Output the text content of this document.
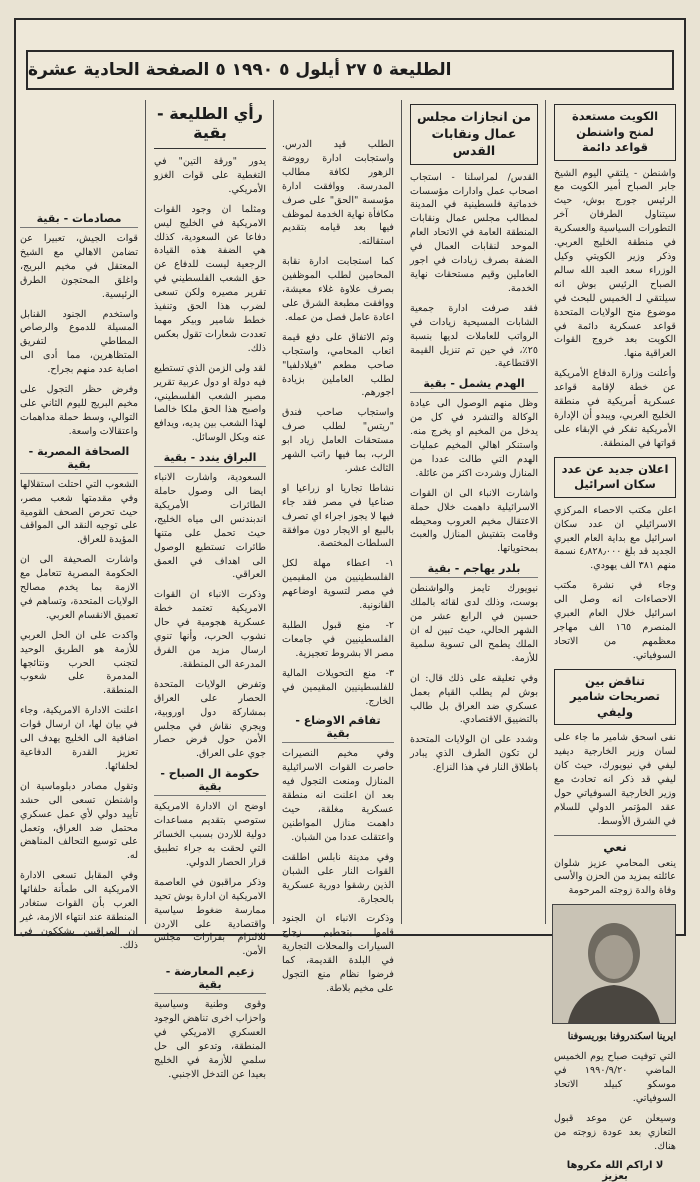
الطليعة ٥ ٢٧ أيلول ٥ ١٩٩٠ ٥ الصفحة الحادية عشرة
الكويت مستعدة لمنح واشنطن قواعد دائمة

واشنطن - يلتقي اليوم الشيخ جابر الصباح أمير الكويت مع الرئيس جورج بوش، حيث سيتناول الطرفان آخر التطورات السياسية والعسكرية في منطقة الخليج العربي. وذكر وزير الكويتي وكيل الوزراء سعد العبد الله سالم الصباح الرئيس بوش انه سيلتقي لـ الخميس للبحث في موضوع منح الولايات المتحدة قواعد عسكرية دائمة في الكويت بعد خروج القوات العراقية منها.

وأعلنت وزارة الدفاع الأمريكية عن خطة لإقامة قواعد عسكرية أمريكية في منطقة الخليج العربي، ويبدو أن الإدارة الأمريكية تفكر في الإبقاء على قواتها في المنطقة.

اعلان جديد عن عدد سكان اسرائيل

اعلن مكتب الاحصاء المركزي الاسرائيلي ان عدد سكان اسرائيل مع بداية العام العبري الجديد قد بلغ ٤٫٨٢٨٫٠٠٠ نسمة منهم ٣٨١ الف يهودي.

وجاء في نشرة مكتب الاحصاءات انه وصل الى اسرائيل خلال العام العبري المنصرم ١٦٥ الف مهاجر معظمهم من الاتحاد السوفياتي.

تناقض بين تصريحات شامير وليفي

نفى اسحق شامير ما جاء على لسان وزير الخارجية ديفيد ليفي في نيويورك، حيث كان ليفي قد ذكر انه تحادث مع وزير الخارجية السوفياتي حول عقد المؤتمر الدولي للسلام في الشرق الأوسط.

نعي

ينعى المحامي عزيز شلوان عائلته بمزيد من الحزن والأسى وفاة والدة زوجته المرحومة

ايرينا اسكندروفنا بوريسوفنا

التي توفيت صباح يوم الخميس الماضي ١٩٩٠/٩/٢٠ في موسكو كبيلد الاتحاد السوفياتي.

وسيعلن عن موعد قبول التعازي بعد عودة زوجته من هناك.

لا اراكم الله مكروها بعزيز
من انجازات مجلس عمال ونقابات القدس

القدس/ لمراسلنا - استجاب اصحاب عمل وادارات مؤسسات خدماتية فلسطينية في المدينة لمطالب مجلس عمال ونقابات المنطقة العامة في الاتحاد العام الموحد لنقابات العمال في الضفة بصرف زيادات في اجور العاملين وقيم مستحقات نهاية الخدمة.

فقد صرفت ادارة جمعية الشابات المسيحية زيادات في الرواتب للعاملات لديها بنسبة ٢٥٪، في حين تم تنزيل القيمة الاقتطاعية.

الهدم يشمل - بقية

وظل منهم الوصول الى عيادة الوكالة والتشرد في كل من يدخل من المخيم او يخرج منه. واستنكر اهالي المخيم عمليات الهدم التي طالت عددا من المنازل وشردت اكثر من عائلة.

واشارت الانباء الى ان القوات الاسرائيلية داهمت خلال حملة الاعتقال مخيم العروب ومحيطه وقامت بتفتيش المنازل والعبث بمحتوياتها.

بلدر يهاجم - بقية

نيويورك تايمز والواشنطن بوست، وذلك لدى لقائه بالملك حسين في الرابع عشر من الشهر الحالي، حيث تبين له ان الملك يطمح الى تسوية سلمية للأزمة.

وفي تعليقه على ذلك قال: ان بوش لم يطلب القيام بعمل عسكري ضد العراق بل طالب بالتضييق الاقتصادي.

وشدد على ان الولايات المتحدة لن تكون الطرف الذي يبادر باطلاق النار في هذا النزاع.

الطلب قيد الدرس. واستجابت ادارة رووضة الزهور لكافة مطالب المدرسة. ووافقت ادارة مؤسسة "الحق" على صرف مكافأة نهاية الخدمة لموظف فيها بعد قيامه بتقديم استقالته.

كما استجابت ادارة نقابة المحامين لطلب الموظفين بصرف علاوة غلاء معيشة، ووافقت مطبعة الشرق على اعادة عامل فصل من عمله.

وتم الاتفاق على دفع قيمة اتعاب المحامي، واستجاب صاحب مطعم "فيلادلفيا" لطلب العاملين بزيادة اجورهم.

واستجاب صاحب فندق "ريتس" لطلب صرف مستحقات العامل زياد ابو الرب، بما فيها راتب الشهر الثالث عشر.

نشاطا تجاريا او زراعيا او صناعيا في مصر فقد جاء فيها لا يجوز اجراء اي تصرف بالبيع او الايجار دون موافقة السلطات المختصة.

١- اعطاء مهلة لكل الفلسطينيين من المقيمين في مصر لتسوية اوضاعهم القانونية.

٢- منع قبول الطلبة الفلسطينيين في جامعات مصر الا بشروط تعجيزية.

٣- منع التحويلات المالية للفلسطينيين المقيمين في الخارج.

تفاقم الاوضاع - بقية

وفي مخيم النصيرات حاصرت القوات الاسرائيلية المنازل ومنعت التجول فيه بعد ان اعلنت انه منطقة عسكرية مغلقة، حيث داهمت منازل المواطنين واعتقلت عددا من الشبان.

وفي مدينة نابلس اطلقت القوات النار على الشبان الذين رشقوا دورية عسكرية بالحجارة.

وذكرت الانباء ان الجنود قاموا بتحطيم زجاج السيارات والمحلات التجارية في البلدة القديمة، كما فرضوا نظام منع التجول على مخيم بلاطة.

رأي الطليعة - بقية

يدور "ورقة التين" في التغطية على قوات الغزو الأمريكي.

ومثلما ان وجود القوات الامريكية في الخليج ليس دفاعا عن السعودية، كذلك هي الضفة هذه القيادة الرجعية ليست للدفاع عن حق الشعب الفلسطيني في تقرير مصيره ولكن تسعى لضرب هذا الحق وتنفيذ خطط شامير وبيكر مهما تعددت شعارات تقول بعكس ذلك.

لقد ولى الزمن الذي تستطيع فيه دولة او دول عربية تقرير مصير الشعب الفلسطيني، واصبح هذا الحق ملكا خالصا لهذا الشعب بين يديه، ويدافع عنه وبكل الوسائل.

البراق يندد - بقية

السعودية، واشارت الانباء ايضا الى وصول حاملة الطائرات الأمريكية اندبندنس الى مياه الخليج، حيث تحمل على متنها طائرات تستطيع الوصول الى اهداف في العمق العراقي.

وذكرت الانباء ان القوات الامريكية تعتمد خطة عسكرية هجومية في حال نشوب الحرب، وأنها تنوي ارسال مزيد من الفرق المدرعة الى المنطقة.

وتفرض الولايات المتحدة الحصار على العراق بمشاركة دول اوروبية، ويجري نقاش في مجلس الأمن حول فرض حصار جوي على العراق.

حكومة ال الصباح - بقية

اوضح ان الادارة الامريكية ستوصي بتقديم مساعدات دولية للاردن بسبب الخسائر التي لحقت به جراء تطبيق قرار الحصار الدولي.

وذكر مراقبون في العاصمة الامريكية ان ادارة بوش تحيد ممارسة ضغوط سياسية واقتصادية على الاردن للالتزام بقرارات مجلس الأمن.

زعيم المعارضة - بقية

وقوى وطنية وسياسية واحزاب اخرى تناهض الوجود العسكري الامريكي في المنطقة، وتدعو الى حل سلمي للأزمة في الخليج بعيدا عن التدخل الاجنبي.

مصادمات - بقية

قوات الجيش، تعبيرا عن تضامن الاهالي مع الشيخ المعتقل في مخيم البريج، واغلق المحتجون الطرق الرئيسية.

واستخدم الجنود القنابل المسيلة للدموع والرصاص المطاطي لتفريق المتظاهرين، مما أدى الى اصابة عدد منهم بجراح.

وفرض حظر التجول على مخيم البريج لليوم الثاني على التوالي، وسط حملة مداهمات واعتقالات واسعة.

الصحافة المصرية - بقية

الشعوب التي احتلت استقلالها وفي مقدمتها شعب مصر، حيث تحرص الصحف القومية على توجيه النقد الى المواقف المؤيدة للعراق.

واشارت الصحيفة الى ان الحكومة المصرية تتعامل مع الازمة بما يخدم مصالح الولايات المتحدة، وتساهم في تعميق الانقسام العربي.

واكدت على ان الحل العربي للأزمة هو الطريق الوحيد لتجنب الحرب ونتائجها المدمرة على شعوب المنطقة.

اعلنت الادارة الامريكية، وجاء في بيان لها، ان ارسال قوات اضافية الى الخليج يهدف الى تعزيز القدرة الدفاعية لحلفائها.

وتقول مصادر دبلوماسية ان واشنطن تسعى الى حشد تأييد دولي لأي عمل عسكري محتمل ضد العراق، وتعمل على توسيع التحالف المناهض له.

وفي المقابل تسعى الادارة الامريكية الى طمأنة حلفائها العرب بأن القوات ستغادر المنطقة عند انتهاء الازمة، غير ان المراقبين يشككون في ذلك.
